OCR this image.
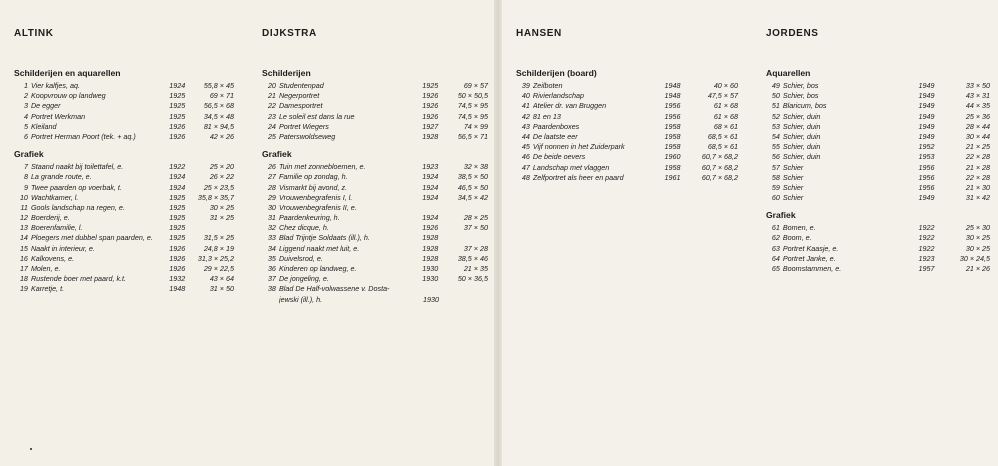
ALTINK
Schilderijen en aquarellen
1 Vier kalfjes, aq.	1924	55,8 × 45
2 Koopvrouw op landweg	1925	69 × 71
3 De egger	1925	56,5 × 68
4 Portret Werkman	1925	34,5 × 48
5 Kleiland	1926	81 × 94,5
6 Portret Herman Poort (tek. + aq.)	1926	42 × 26
Grafiek
7 Staand naakt bij toilettafel, e.	1922	25 × 20
8 La grande route, e.	1924	26 × 22
9 Twee paarden op voerbak, t.	1924	25 × 23,5
10 Wachtkamer, l.	1925	35,8 × 35,7
11 Gools landschap na regen, e.	1925	30 × 25
12 Boerderij, e.	1925	31 × 25
13 Boerenfamilie, l.	1925
14 Ploegers met dubbel span paarden, e.	1925	31,5 × 25
15 Naakt in interieur, e.	1926	24,8 × 19
16 Kalkovens, e.	1926	31,3 × 25,2
17 Molen, e.	1926	29 × 22,5
18 Rustende boer met paard, k.t.	1932	43 × 64
19 Karretje, t.	1948	31 × 50
DIJKSTRA
Schilderijen
20 Studentenpad	1925	69 × 57
21 Negerportret	1926	50 × 50,5
22 Damesportret	1926	74,5 × 95
23 Le soleil est dans la rue	1926	74,5 × 95
24 Portret Wiegers	1927	74 × 99
25 Paterswoldseweg	1928	56,5 × 71
Grafiek
26 Tuin met zonnebloemen, e.	1923	32 × 38
27 Familie op zondag, h.	1924	38,5 × 50
28 Vismarkt bij avond, z.	1924	46,5 × 50
29 Vrouwenbegrafenis I, l.	1924	34,5 × 42
30 Vrouwenbegrafenis II, e.
31 Paardenkeuring, h.	1924	28 × 25
32 Chez dicque, h.	1926	37 × 50
33 Blad Trijntje Soldaats (ill.), h.	1928
34 Liggend naakt met luit, e.	1928	37 × 28
35 Duivelsrod, e.	1928	38,5 × 46
36 Kinderen op landweg, e.	1930	21 × 35
37 De jongeling, e.	1930	50 × 36,5
38 Blad De Half-volwassene v. Dosta-
jewski (ill.), h.	1930
HANSEN
Schilderijen (board)
39 Zeilboten	1948	40 × 60
40 Rivierlandschap	1948	47,5 × 57
41 Atelier dr. van Bruggen	1956	61 × 68
42 81 en 13	1956	61 × 68
43 Paardenboxes	1958	68 × 61
44 De laatste eer	1958	68,5 × 61
45 Vijf nonnen in het Zuiderpark	1958	68,5 × 61
46 De beide oevers	1960	60,7 × 68,2
47 Landschap met vlaggen	1958	60,7 × 68,2
48 Zelfportret als heer en paard	1961	60,7 × 68,2
JORDENS
Aquarellen
49 Schier, bos	1949	33 × 50
50 Schier, bos	1949	43 × 31
51 Blaricum, bos	1949	44 × 35
52 Schier, duin	1949	25 × 36
53 Schier, duin	1949	28 × 44
54 Schier, duin	1949	30 × 44
55 Schier, duin	1952	21 × 25
56 Schier, duin	1953	22 × 28
57 Schier	1956	21 × 28
58 Schier	1956	22 × 28
59 Schier	1956	21 × 30
60 Schier	1949	31 × 42
Grafiek
61 Bomen, e.	1922	25 × 30
62 Boom, e.	1922	30 × 25
63 Portret Kaasje, e.	1922	30 × 25
64 Portret Janke, e.	1923	30 × 24,5
65 Boomstammen, e.	1957	21 × 26
